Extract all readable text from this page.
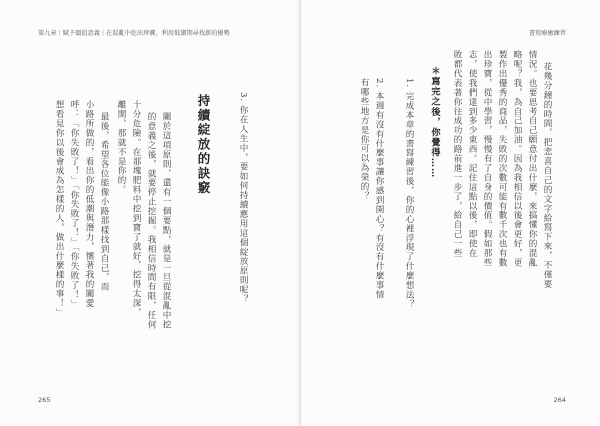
第九章｜賦予價值意義｜在混亂中挖出珍寶，利用低潮期尋找新的優勢
3. 你在人生中，要如何持續應用這個綻放原則呢？
持續綻放的訣竅
關於這項原則，還有一個要點，就是一旦從混亂中挖
的意義之後，就要停止挖掘。我相信時間有限，任何
十分危險。在那塊肥料中挖到寶了就好，挖得太深，
離開，那就不是你的。
最後，希望各位能像小路那樣找到自己，而
小路所做的，看出你的低潮與潛力，懷著我的關愛
呼：「你失敗了！」「你失敗了！」「你失敗了！」
想看見你以後會成為怎樣的人，做出什麼樣的事！」
265
書寫療癒練習
花幾分鐘的時間，把悲喜自己的文字給寫下來，不僅要
情況。也要思考自己願意付出什麼，來搞懂你的混亂
略呢？我，為自己加油。因為我相信以後會更好，更
製作出優秀的商品，失敗的次數可能有數千次也有數
出珍寶，從中學習，慢慢有了自身的價值。假如那些
志，使我們達到多少東西。記住這點以後，即使在
敗都代表著你往成功的路前進一步了，給自己一些
＊寫完之後，你覺得……
1. 完成本章的書寫練習後，你的心裡浮現了什麼想法？
2. 本週有沒有什麼事讓你感到開心？有沒有什麼事情
有哪些地方是你可以為榮的？
264
